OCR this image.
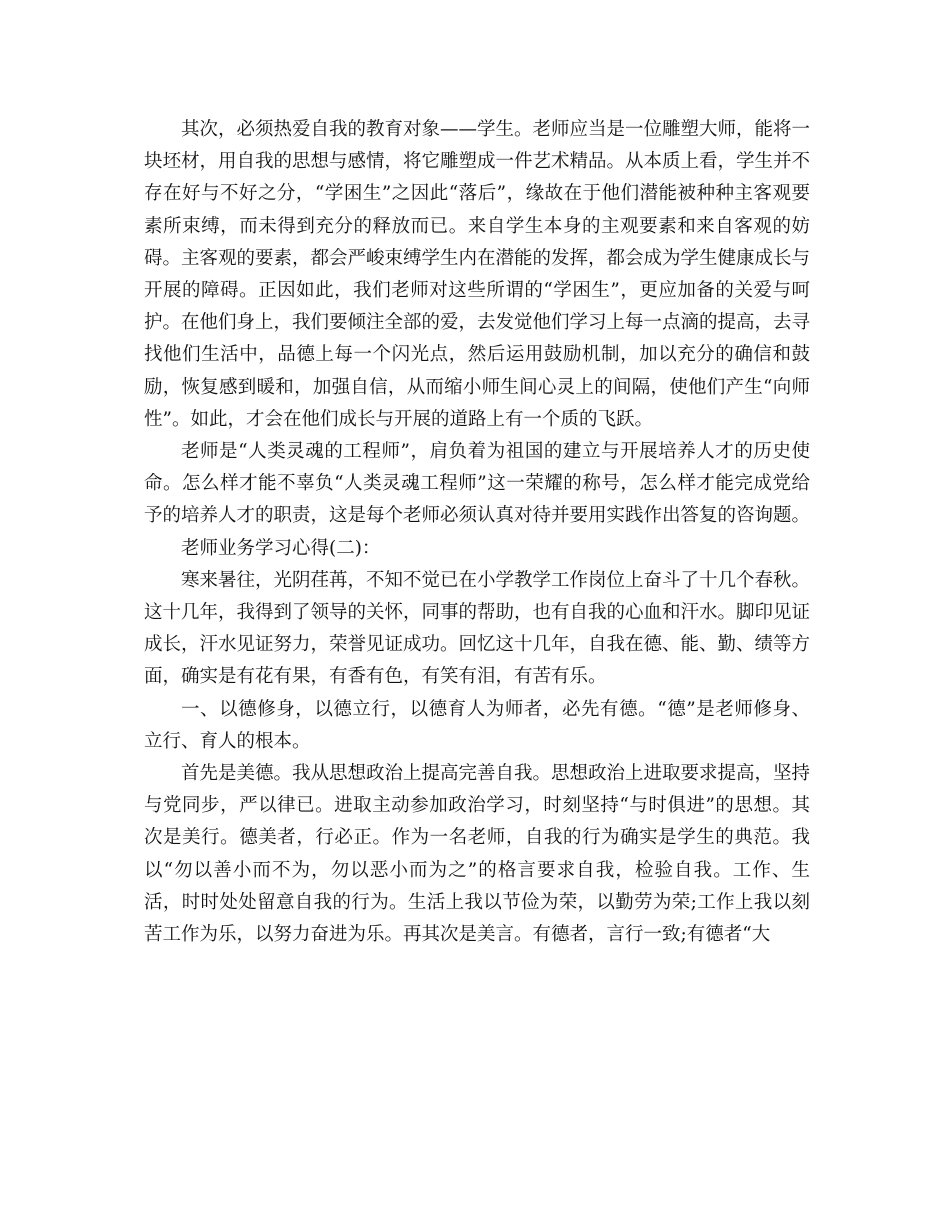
其次，必须热爱自我的教育对象——学生。老师应当是一位雕塑大师，能将一块坯材，用自我的思想与感情，将它雕塑成一件艺术精品。从本质上看，学生并不存在好与不好之分，“学困生”之因此“落后”，缘故在于他们潜能被种种主客观要素所束缚，而未得到充分的释放而已。来自学生本身的主观要素和来自客观的妨碍。主客观的要素，都会严峻束缚学生内在潜能的发挥，都会成为学生健康成长与开展的障碍。正因如此，我们老师对这些所谓的“学困生”，更应加备的关爱与呵护。在他们身上，我们要倾注全部的爱，去发觉他们学习上每一点滴的提高，去寻找他们生活中，品德上每一个闪光点，然后运用鼓励机制，加以充分的确信和鼓励，恢复感到暖和，加强自信，从而缩小师生间心灵上的间隔，使他们产生“向师性”。如此，才会在他们成长与开展的道路上有一个质的飞跃。

老师是“人类灵魂的工程师”，肩负着为祖国的建立与开展培养人才的历史使命。怎么样才能不辜负“人类灵魂工程师”这一荣耀的称号，怎么样才能完成党给予的培养人才的职责，这是每个老师必须认真对待并要用实践作出答复的咨询题。

老师业务学习心得(二)：

寒来暑往，光阴荏苒，不知不觉已在小学教学工作岗位上奋斗了十几个春秋。这十几年，我得到了领导的关怀，同事的帮助，也有自我的心血和汗水。脚印见证成长，汗水见证努力，荣誉见证成功。回忆这十几年，自我在德、能、勤、绩等方面，确实是有花有果，有香有色，有笑有泪，有苦有乐。

一、以德修身，以德立行，以德育人为师者，必先有德。“德”是老师修身、立行、育人的根本。

首先是美德。我从思想政治上提高完善自我。思想政治上进取要求提高，坚持与党同步，严以律已。进取主动参加政治学习，时刻坚持“与时俱进”的思想。其次是美行。德美者，行必正。作为一名老师，自我的行为确实是学生的典范。我以“勿以善小而不为，勿以恶小而为之”的格言要求自我，检验自我。工作、生活，时时处处留意自我的行为。生活上我以节俭为荣，以勤劳为荣;工作上我以刻苦工作为乐，以努力奋进为乐。再其次是美言。有德者，言行一致;有德者“大
